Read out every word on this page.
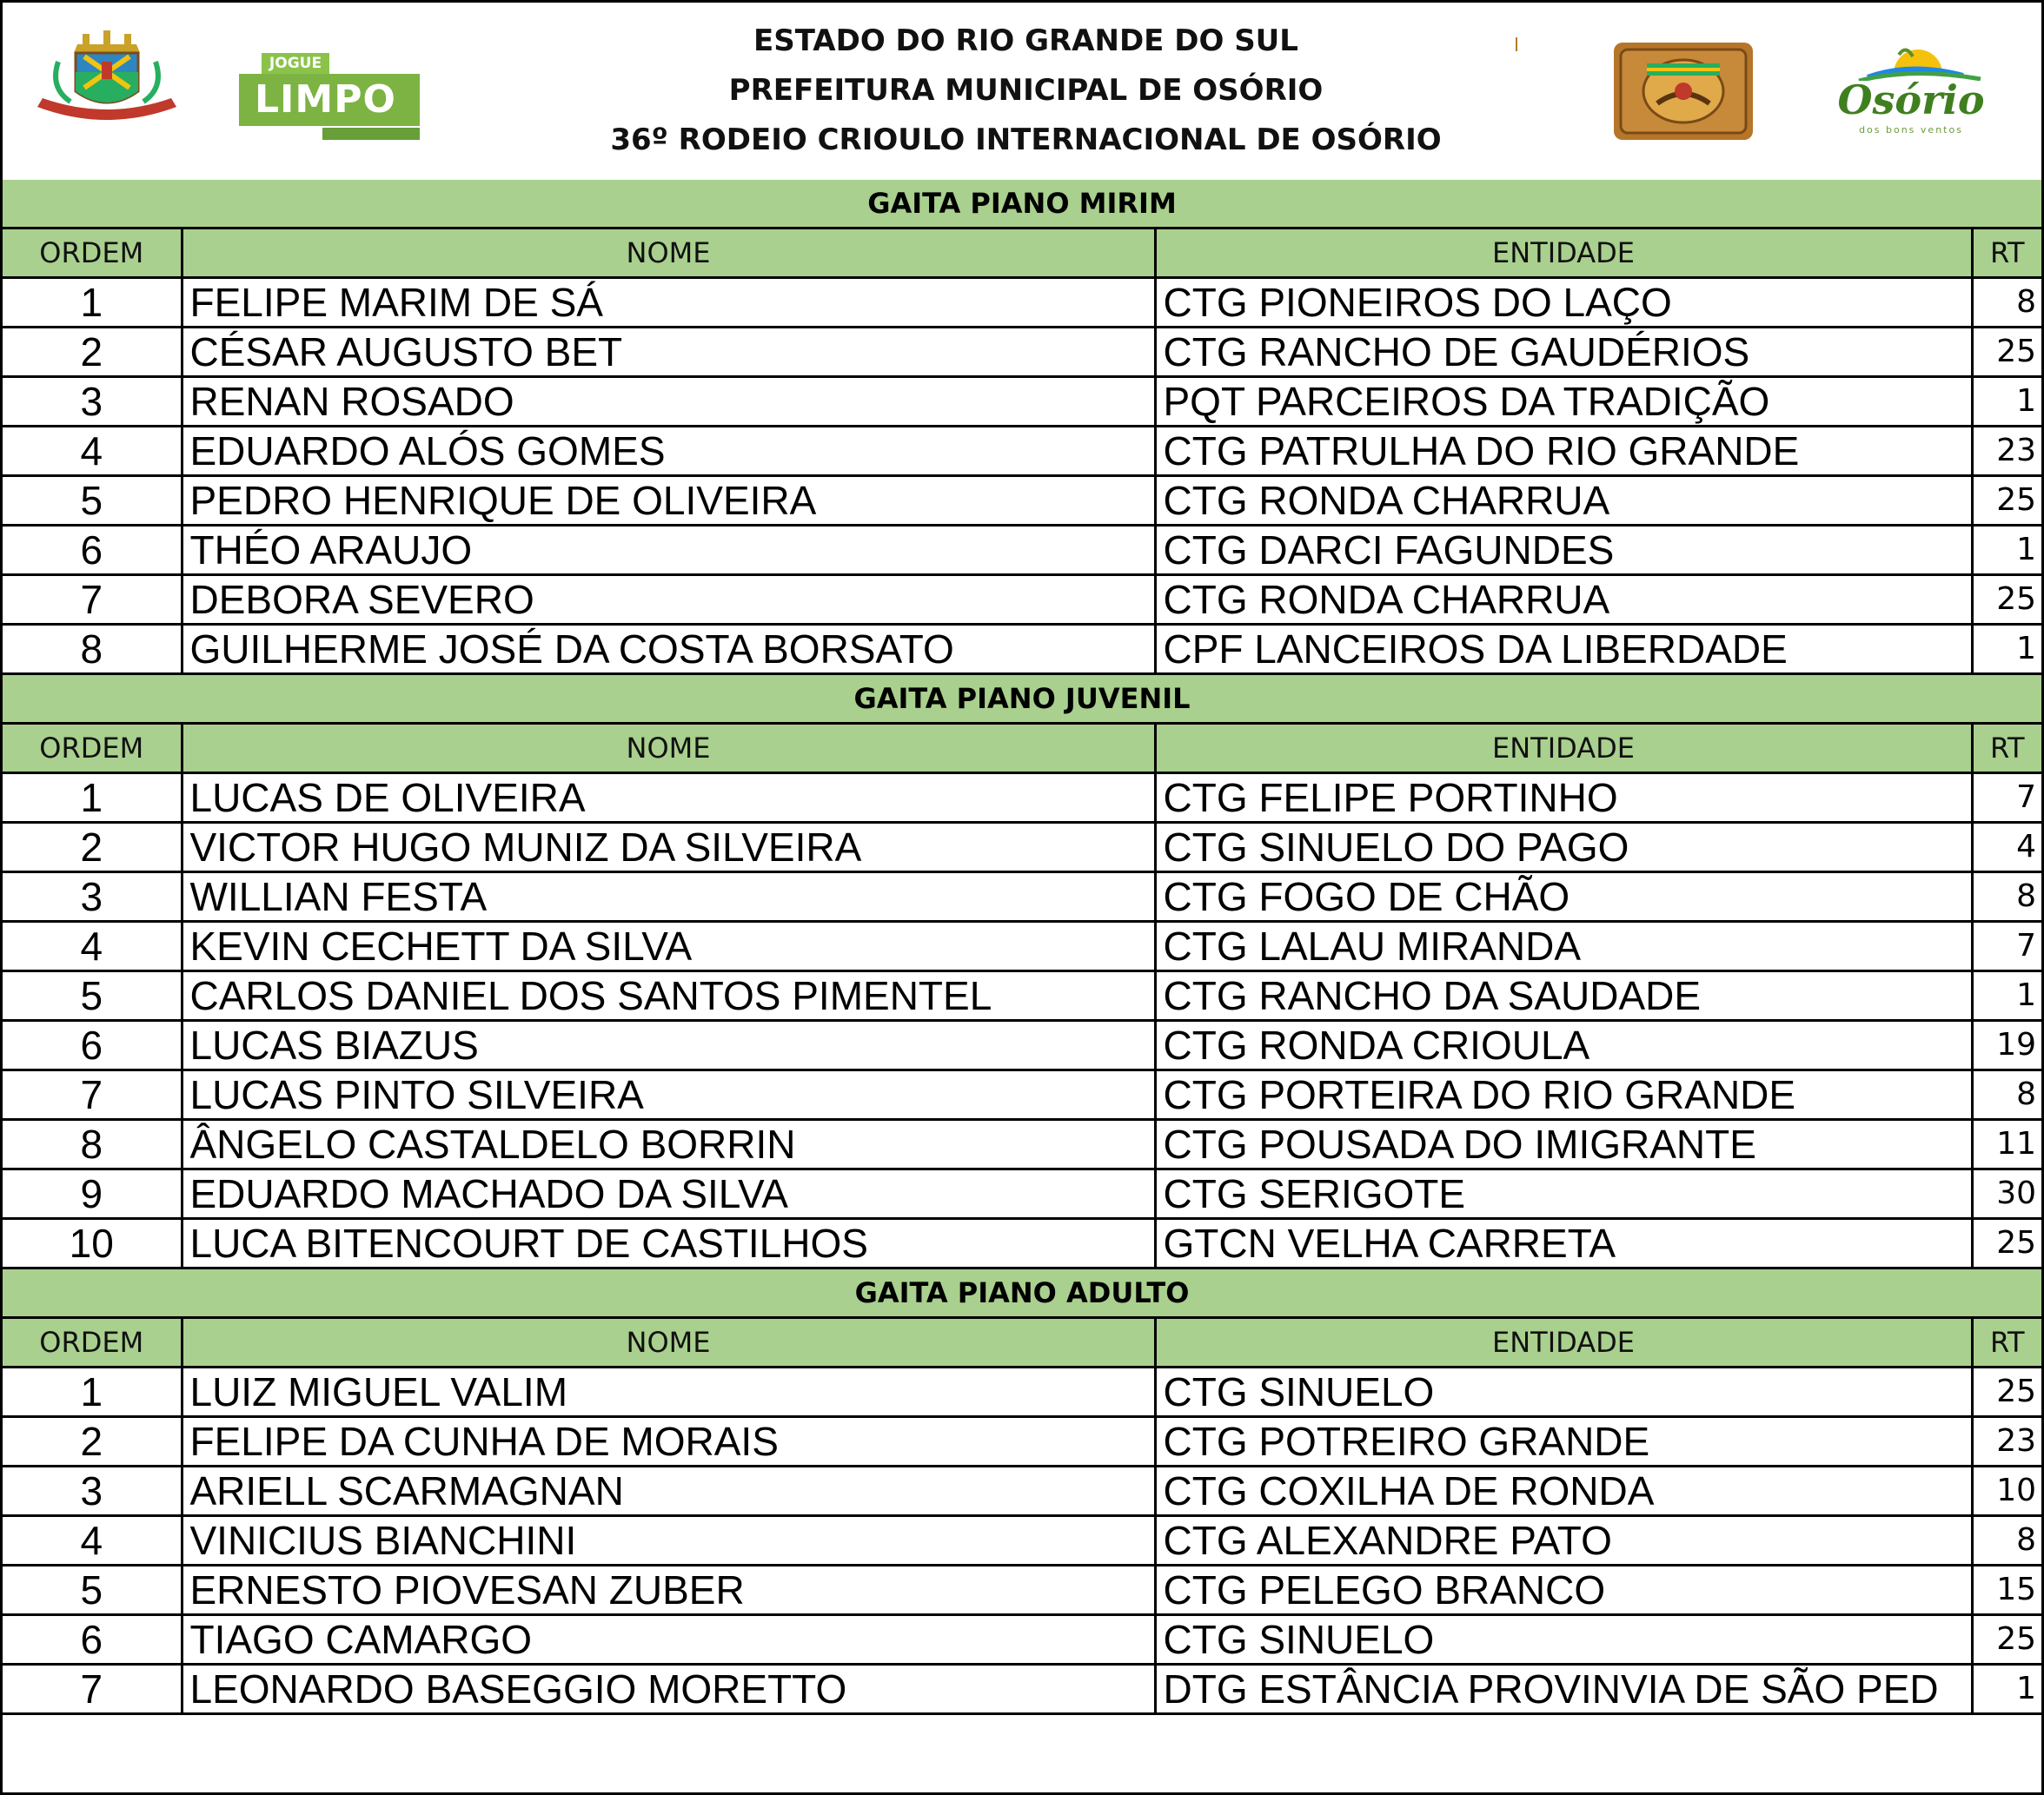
JOGUE
LIMPO
ESTADO DO RIO GRANDE DO SUL
PREFEITURA MUNICIPAL DE OSÓRIO
36º RODEIO CRIOULO INTERNACIONAL DE OSÓRIO
Osório
dos bons ventos
GAITA PIANO MIRIM			
ORDEM	NOME	ENTIDADE	RT
1	FELIPE MARIM DE SÁ	CTG PIONEIROS DO LAÇO	8
2	CÉSAR AUGUSTO BET	CTG RANCHO DE GAUDÉRIOS	25
3	RENAN ROSADO	PQT PARCEIROS DA TRADIÇÃO	1
4	EDUARDO ALÓS GOMES	CTG PATRULHA DO RIO GRANDE	23
5	PEDRO HENRIQUE DE OLIVEIRA	CTG RONDA CHARRUA	25
6	THÉO ARAUJO	CTG DARCI FAGUNDES	1
7	DEBORA SEVERO	CTG RONDA CHARRUA	25
8	GUILHERME JOSÉ DA COSTA BORSATO	CPF LANCEIROS DA LIBERDADE	1
GAITA PIANO JUVENIL			
ORDEM	NOME	ENTIDADE	RT
1	LUCAS DE OLIVEIRA	CTG FELIPE PORTINHO	7
2	VICTOR HUGO MUNIZ DA SILVEIRA	CTG SINUELO DO PAGO	4
3	WILLIAN FESTA	CTG FOGO DE CHÃO	8
4	KEVIN CECHETT DA SILVA	CTG LALAU MIRANDA	7
5	CARLOS DANIEL DOS SANTOS PIMENTEL	CTG RANCHO DA SAUDADE	1
6	LUCAS BIAZUS	CTG RONDA CRIOULA	19
7	LUCAS PINTO SILVEIRA	CTG PORTEIRA DO RIO GRANDE	8
8	ÂNGELO CASTALDELO BORRIN	CTG POUSADA DO IMIGRANTE	11
9	EDUARDO MACHADO DA SILVA	CTG SERIGOTE	30
10	LUCA BITENCOURT DE CASTILHOS	GTCN VELHA CARRETA	25
GAITA PIANO ADULTO			
ORDEM	NOME	ENTIDADE	RT
1	LUIZ MIGUEL VALIM	CTG SINUELO	25
2	FELIPE DA CUNHA DE MORAIS	CTG POTREIRO GRANDE	23
3	ARIELL SCARMAGNAN	CTG COXILHA DE RONDA	10
4	VINICIUS BIANCHINI	CTG ALEXANDRE PATO	8
5	ERNESTO PIOVESAN ZUBER	CTG PELEGO BRANCO	15
6	TIAGO CAMARGO	CTG SINUELO	25
7	LEONARDO BASEGGIO MORETTO	DTG ESTÂNCIA PROVINVIA DE SÃO PED	1
